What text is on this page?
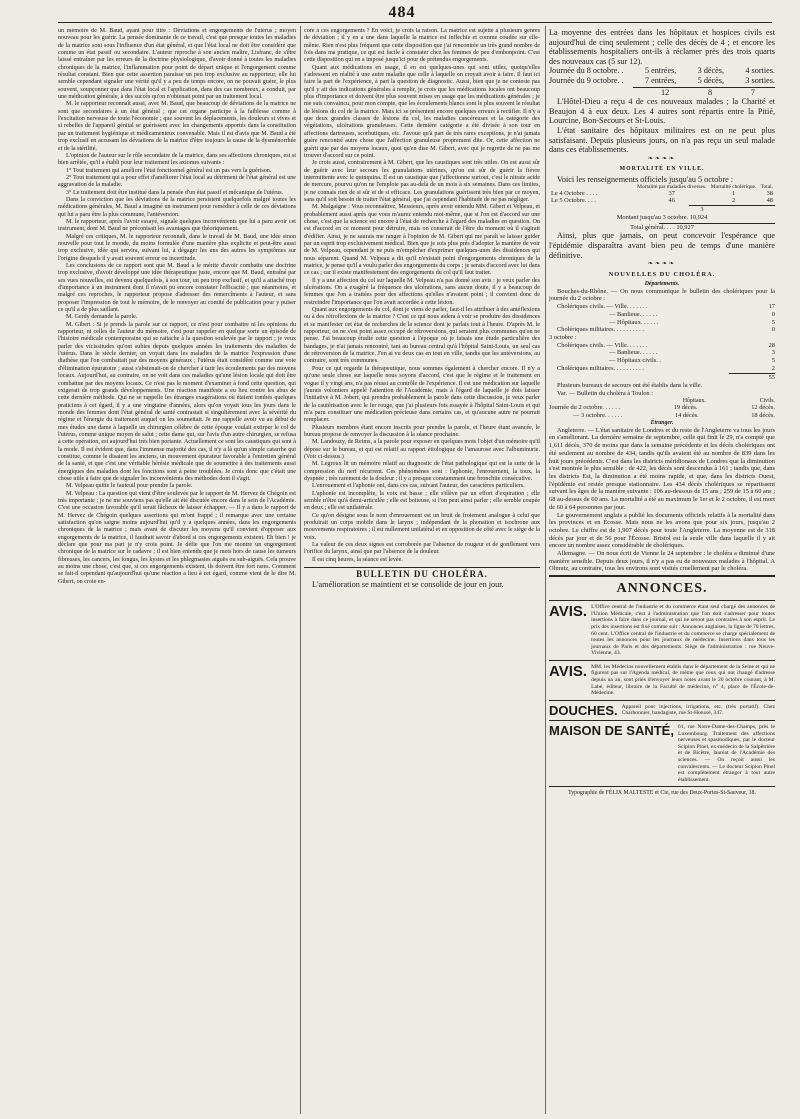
484

un mémoire de M. Baud, ayant pour titre : Déviations et engorgements de l'utérus ; moyen nouveau pour les guérir. La pensée dominante de ce travail, c'est que presque toutes les maladies de la matrice sont sous l'influence d'un état général, et que l'état local ne doit être considéré que comme un état passif ou secondaire. L'auteur reproche à son ancien maître, Lisfranc, de s'être laissé entraîner par les erreurs de la doctrine physiologique, d'avoir donné à toutes les maladies chroniques de la matrice, l'inflammation pour point de départ unique et l'engorgement comme résultat constant. Bien que cette assertion paraisse un peu trop exclusive au rapporteur, elle lui semble cependant signaler une vérité qu'il y a peu de temps encore, on ne pouvait guère, le plus souvent, soupçonner que dans l'état local et l'application, dans des cas nombreux, a conduit, par une médication générale, à des succès qu'on n'obtenait point par un traitement local.

M. le rapporteur reconnaît aussi, avec M. Baud, que beaucoup de déviations de la matrice ne sont que secondaires à un état général ; que cet organe participe à la faiblesse comme à l'excitation nerveuse de toute l'économie ; que souvent les déplacements, les douleurs si vives et si rebelles de l'appareil génital se guérissent avec les changements apportés dans la constitution par un traitement hygiénique et médicamenteux convenable. Mais il est d'avis que M. Baud a été trop exclusif en accusant les déviations de la matrice d'être toujours la cause de la dysménorrhée et de la stérilité.

L'opinion de l'auteur sur le rôle secondaire de la matrice, dans ses affections chroniques, est si bien arrêtée, qu'il a établi pour leur traitement les axiomes suivants :

1° Tout traitement qui améliore l'état fonctionnel général est un pas vers la guérison.

2° Tout traitement qui a pour effet d'améliorer l'état local au détriment de l'état général est une aggravation de la maladie.

3° Le traitement doit être institué dans la pensée d'un état passif et mécanique de l'utérus.

Dans la conviction que les déviations de la matrice persistent quelquefois malgré toutes les médications générales, M. Baud a imaginé un instrument pour remédier à celle de ces déviations qui lui a paru être la plus commune, l'antéversion.

M. le rapporteur, après l'avoir essayé, signale quelques inconvénients que lui a paru avoir cet instrument, dont M. Baud ne préconisait les avantages que théoriquement.

Malgré ces critiques, M. le rapporteur reconnaît, dans le travail de M. Baud, une idée sinon nouvelle pour tout le monde, du moins formulée d'une manière plus explicite et peut-être aussi trop exclusive, idée qui servira, suivant lui, à dégager les uns des autres les symptômes sur l'origine desquels il y avait souvent erreur ou incertitude.

Les conclusions de ce rapport sont que M. Baud a le mérite d'avoir combattu une doctrine trop exclusive, d'avoir développé une idée thérapeutique juste, encore que M. Baud, entraîné par ses vues nouvelles, est devenu quelquefois, à son tour, un peu trop exclusif, et qu'il a attaché trop d'importance à un instrument dont il n'avait pu encore constater l'efficacité ; que néanmoins, et malgré ces reproches, le rapporteur propose d'adresser des remercîments à l'auteur, et sans proposer l'impression de tout le mémoire, de le renvoyer au comité de publication pour y puiser ce qu'il a de plus saillant.

M. Gerdy demande la parole.

M. Gibert : Si je prends la parole sur ce rapport, ce n'est pour combattre ni les opinions du rapporteur, ni celles de l'auteur du mémoire, c'est pour rappeler en quelque sorte un épisode de l'histoire médicale contemporaine qui se rattache à la question soulevée par le rapport ; je veux parler des vicissitudes qu'ont subies depuis quelques années les traitements des maladies de l'utérus. Dans le siècle dernier, on voyait dans les maladies de la matrice l'expression d'une diathèse que l'on combattait par des moyens généraux ; l'utérus était considéré comme une voie d'élimination épuratoire ; aussi s'abstenait-on de chercher à tarir les écoulements par des moyens locaux. Aujourd'hui, au contraire, on ne voit dans ces maladies qu'une lésion locale qui doit être combattue par des moyens locaux. Ce n'est pas le moment d'examiner à fond cette question, qui exigerait de trop grands développements. Une réaction manifeste a eu lieu contre les abus de cette dernière méthode. Qui ne se rappelle les étranges exagérations où étaient tombés quelques praticiens à cet égard, il y a une vingtaine d'années, alors qu'on voyait tous les jours dans le monde des femmes dont l'état général de santé contrastait si singulièrement avec la sévérité du régime et l'énergie du traitement auquel on les soumettait. Je me rappelle avoir vu au début de mes études une dame à laquelle un chirurgien célèbre de cette époque voulait extirper le col de l'utérus, comme unique moyen de salut ; cette dame qui, sur l'avis d'un autre chirurgien, se refusa à cette opération, est aujourd'hui très bien portante. Actuellement ce sont les caustiques qui sont à la mode. Il est évident que, dans l'immense majorité des cas, il n'y a là qu'un simple catarrhe qui constitue, comme le disaient les anciens, un mouvement épurateur favorable à l'entretien général de la santé, et que c'est une véritable hérésie médicale que de soumettre à des traitements aussi énergiques des maladies dont les fonctions sont à peine troublées. Je crois donc que c'était une chose utile à faire que de signaler les inconvénients des méthodes dont il s'agit.

M. Velpeau quitte le fauteuil pour prendre la parole.

M. Velpeau : La question qui vient d'être soulevée par le rapport de M. Hervez de Chégoin est très importante ; je ne me souviens pas qu'elle ait été discutée encore dans le sein de l'Académie. C'est une occasion favorable qu'il serait fâcheux de laisser échapper. — Il y a dans le rapport de M. Hervez de Chégoin quelques assertions qui m'ont frappé ; il remarque avec une certaine satisfaction qu'on saigne moins aujourd'hui qu'il y a quelques années, dans les engorgements chroniques de la matrice ; mais avant de discuter les moyens qu'il convient d'opposer aux engorgements de la matrice, il faudrait savoir d'abord si ces engorgements existent. Eh bien ! je déclare que pour ma part je n'y crois point. Je défie que l'on me montre un engorgement chronique de la matrice sur le cadavre ; il est bien entendu que je mets hors de cause les tumeurs fibreuses, les cancers, les fongus, les kystes et les phlegmasies aiguës ou sub-aiguës. Cela prouve au moins une chose, c'est que, si ces engorgements existent, ils doivent être fort rares. Comment se fait-il cependant qu'aujourd'hui qu'une réaction a lieu à cet égard, comme vient de le dire M. Gibert, on croie en-

core à ces engorgements ? En voici, je crois la raison. La matrice est sujette à plusieurs genres de déviation ; il y en a une dans laquelle la matrice est inflechie et comme coudée sur elle-même. Rien n'est plus fréquent que cette disposition que j'ai rencontrée un très grand nombre de fois dans ma pratique, ce qui est facile à constater chez les femmes de peu d'embonpoint. C'est cette disposition qui en a imposé jusqu'ici pour de prétendus engorgements.

Quant aux médications en usage, il en est quelques-unes qui sont utiles, quoiqu'elles s'adressent en réalité à une autre maladie que celle à laquelle on croyait avoir à faire. Il faut ici faire la part de l'expérience, à part la question de diagnostic. Aussi, bien que je ne conteste pas qu'il y ait des indications générales à remplir, je crois que les médications locales ont beaucoup plus d'importance et doivent être plus souvent mises en usage que les médications générales ; je me suis convaincu, pour mon compte, que les écoulements blancs sont le plus souvent le résultat de lésions du col de la matrice. Mais ici se présentent encore quelques erreurs à rectifier. Il n'y a que deux grandes classes de lésions du col, les maladies cancéreuses et la catégorie des végétations, ulcérations granuleuses. Cette dernière catégorie a été divisée à son tour en affections dartreuses, scorbutiques, etc. J'avoue qu'à part de très rares exceptions, je n'ai jamais guère rencontré autre chose que l'affection granuleuse proprement dite. Or, cette affection ne guérit que par des moyens locaux, quoi qu'en dise M. Gibert, avec qui je regrette de ne pas me trouver d'accord sur ce point.

Je crois aussi, contrairement à M. Gibert, que les caustiques sont très utiles. On est aussi sûr de guérir avec leur secours les granulations utérines, qu'on est sûr de guérir la fièvre intermittente avec le quinquina. Il est un caustique que j'affectionne surtout, c'est le nitrate acide de mercure, pourvu qu'on ne l'emploie pas au-delà de un mois à six semaines. Dans ces limites, je ne connais rien de si sûr et de si efficace. Les granulations guérissent très bien par ce moyen, sans qu'il soit besoin de traiter l'état général, que j'ai cependant l'habitude de ne pas négliger.

M. Malgaigne : Vous reconnaîtrez, Messieurs, après avoir entendu MM. Gibert et Velpeau, et probablement aussi après que vous m'aurez entendu moi-même, que si l'on est d'accord sur une chose, c'est que la science est encore à l'état de recherche à l'égard des maladies en question. On est d'accord en ce moment pour détruire, mais on conserait de l'être du moment où il s'agirait d'édifier. Ainsi, je ne saurais me ranger à l'opinion de M. Gibert qui me paraît se laisser guider par un esprit trop exclusivement médical. Bien que je sois plus près d'adopter la manière de voir de M. Velpeau, cependant je ne puis m'empêcher d'exprimer quelques-unes des dissidences qui nous séparent. Quand M. Velpeau a dit qu'il n'existait point d'engorgements chroniques de la matrice, je pense qu'il a voulu parler des engorgements du corps ; je serais d'accord avec lui dans ce cas ; car il existe manifestement des engorgements du col qu'il faut traiter.

Il y a une affection du col sur laquelle M. Velpeau n'a pas donné son avis : je veux parler des ulcérations. On a exagéré la fréquence des ulcérations, sans aucun doute, il y a beaucoup de femmes que l'on a traitées pour des affections qu'elles n'avaient point ; il convient donc de restreindre l'importance que l'on avait accordée à cette lésion.

Quant aux engorgements du col, dont je viens de parler, faut-il les attribuer à des antéflexions ou à des rétroflexions de la matrice ? C'est ce qui nous aidera à voir se produire des dissidences et se manifester cet état de recherches de la science dont je parlais tout à l'heure. D'après M. le rapporteur, on ne s'est point assez occupé de rétroversions, qui seraient plus communes qu'on ne pense. J'ai beaucoup étudié cette question à l'époque où je faisais une étude particulière des bandages, je n'ai jamais rencontré, tant au bureau central qu'à l'hôpital Saint-Louis, un seul cas de rétroversion de la matrice. J'en ai vu deux cas en tout en ville, tandis que les antéversions, au contraire, sont très communes.

Pour ce qui regarde la thérapeutique, nous sommes également à chercher encore. Il n'y a qu'une seule chose sur laquelle nous soyons d'accord, c'est que le régime et le traitement en vogue il y vingt ans, n'a pas réussi au contrôle de l'expérience. Il est une médication sur laquelle j'aurais volontiers appelé l'attention de l'Académie, mais à l'égard de laquelle je dois laisser l'initiative à M. Jobert, qui prendra probablement la parole dans cette discussion, je veux parler de la cautérisation avec le fer rouge, que j'ai plusieurs fois essayée à l'hôpital Saint-Louis et qui m'a paru constituer une médication précieuse dans certains cas, et qu'aucune autre ne pourrait remplacer.

Plusieurs membres étant encore inscrits pour prendre la parole, et l'heure étant avancée, le bureau propose de renvoyer la discussion à la séance prochaine.

M. Landouzy, de Reims, a la parole pour exposer en quelques mots l'objet d'un mémoire qu'il dépose sur le bureau, et qui est relatif au rapport étiologique de l'amaurose avec l'albuminurie. (Voir ci-dessus.)

M. Legroux lit un mémoire relatif au diagnostic de l'état pathologique qui est la suite de la compression du nerf récurrent. Ces phénomènes sont : l'aphonie, l'enrouement, la toux, la dyspnée ; très rarement de la douleur ; il y a presque constamment une bronchite consécutive.

L'enrouement et l'aphonie ont, dans ces cas, suivant l'auteur, des caractères particuliers.

L'aphonie est incomplète, la voix est basse ; elle s'élève par un effort d'expiration ; elle semble n'être qu'à demi-articulée ; elle est boiteuse, si l'on peut ainsi parler ; elle semble coupée en deux ; elle est unilatérale.

Ce qu'on désigne sous le nom d'enrouement est un bruit de froiement analogue à celui que produirait un corps mobile dans le larynx ; indépendant de la phonation et isochrone aux mouvements respiratoires ; il est nullement unilatéral et en opposition de côté avec le siège de la voix.

La valeur de ces deux signes est corroborée par l'absence de rougeur et de gonflement vers l'orifice du larynx, ainsi que par l'absence de la douleur.

Il est cinq heures, la séance est levée.

BULLETIN DU CHOLÉRA.

L'amélioration se maintient et se consolide de jour en jour.

La moyenne des entrées dans les hôpitaux et hospices civils est aujourd'hui de cinq seulement ; celle des décès de 4 ; et encore les établissements hospitaliers ont-ils à réclamer près des trois quarts des nouveaux cas (5 sur 12).

Journée du 8 octobre. .	5 entrées,	3 décès,	4 sorties.
Journée du 9 octobre. .	7 entrées,	5 décès,	3 sorties.
12	8	7

L'Hôtel-Dieu a reçu 4 de ces nouveaux malades ; la Charité et Beaujon 4 à eux deux. Les 4 autres sont répartis entre la Pitié, Lourcine, Bon-Secours et St-Louis.

L'état sanitaire des hôpitaux militaires est on ne peut plus satisfaisant. Depuis plusieurs jours, on n'a pas reçu un seul malade dans ces établissements.

❧❧❧❧
MORTALITÉ EN VILLE.

Voici les renseignements officiels jusqu'au 5 octobre :

	Mortalité par maladies diverses.	Mortalité cholérique.	Total.
Le 4 Octobre . . . .	37	1	38
Le 5 Octobre. . . .	46	2	48
3
Montant jusqu'au 3 octobre. 10,924
Total général. . . . 10,927

Ainsi, plus que jamais, on peut concevoir l'espérance que l'épidémie disparaîtra avant bien peu de temps d'une manière définitive.

❧❧❧❧
NOUVELLES DU CHOLÉRA.
Départements.

Bouches-du-Rhône. — On nous communique le bulletin des cholériques pour la journée du 2 octobre :

Cholériques civils. — Ville. . . . . . .	17
— Banlieue. . . . . .	0
— Hôpitaux. . . . . .	5
Cholériques militaires. . . . . . . . . .	0
3 octobre :
Cholériques civils. — Ville. . . . . . .	28
— Banlieue. . . . . .	3
— Hôpitaux civils. .	5
Cholériques militaires. . . . . . . . . .	2
55

Plusieurs bureaux de secours ont été établis dans la ville.

Var. — Bulletin du choléra à Toulon :

Hôpitaux.	Civils.
Journée du 2 octobre. . . . . .	19 décès.	12 décès.
— 3 octobre. . . . . .	14 décès.	18 décès.
Étranger.

Angleterre. — L'état sanitaire de Londres et du reste de l'Angleterre va tous les jours en s'améliorant. La dernière semaine de septembre, celle qui finit le 29, n'a compté que 1,611 décès, 370 de moins que dans la semaine précédente et les décès cholériques ont été seulement au nombre de 434, tandis qu'ils avaient été au nombre de 839 dans les huit jours précédents. C'est dans les districts méridionaux de Londres que la diminution s'est montrée le plus sensible : de 422, les décès sont descendus à 161 ; tandis que, dans les districts Est, la diminution a été moins rapide, et que, dans les districts Ouest, l'épidémie est restée presque stationnaire. Les 434 décès cholériques se répartissent suivant les âges de la manière suivante : 106 au-dessous de 15 ans ; 259 de 15 à 60 ans ; 68 au-dessus de 60 ans. La mortalité a été au maximum le 1er et le 2 octobre, il est mort de 60 à 64 personnes par jour.

Le gouvernement anglais a publié les documents officiels relatifs à la mortalité dans les provinces et en Écosse. Mais nous ne les avons que pour six jours, jusqu'au 2 octobre. Le chiffre est de 1,907 décès pour toute l'Angleterre. La moyenne est de 318 décès par jour et de 56 pour l'Écosse. Bristol est la seule ville dans laquelle il y ait encore un nombre assez considérable de cholériques.

Allemagne. — On nous écrit de Vienne le 24 septembre : le choléra a diminué d'une manière sensible. Depuis deux jours, il n'y a pas eu de nouveaux malades à l'hôpital. A Olmutz, au contraire, tous les environs sont visités cruellement par le choléra.

ANNONCES.
AVIS. L'Office central de l'industrie et du commerce étant seul chargé des annonces de l'Union Médicale, c'est à l'administration que l'on doit s'adresser pour toutes insertions à faire dans ce journal, et qui ne seront pas contraires à son esprit. Le prix des insertions est fixé comme suit : Annonces anglaises, la ligne de 70 lettres, 60 cent. L'Office central de l'industrie et du commerce se charge spécialement de toutes les annonces pour les journaux de médecine. Insertions dans tous les journaux de Paris et des départements. Siège de l'administration : rue Neuve-Vivienne, 43.
AVIS. MM. les Médecins nouvellement établis dans le département de la Seine et qui ne figurent pas sur l'Agenda médical, de même que ceux qui ont changé d'adresse depuis un an, sont priés d'envoyer leurs notes avant le 20 octobre courant, à M. Labé, éditeur, libraire de la Faculté de médecine, n° 4, place de l'École-de-Médecine.
DOUCHES. Appareil pour injections, irrigations, etc. (très portatif). Chez Charbonnier, bandagiste, rue St-Honoré, 347.
MAISON DE SANTÉ, 61, rue Notre-Dame-des-Champs, près le Luxembourg. Traitement des affections nerveuses et spasmodiques, par le docteur Scipion Pinel, ex-médecin de la Salpêtrière et de Bicêtre, lauréat de l'Académie des sciences. — On reçoit aussi les convalescents. — Le docteur Scipion Pinel est complètement étranger à tout autre établissement.
Typographie de FÉLIX MALTESTE et Cie, rue des Deux-Portes-St-Sauveur, 18.
